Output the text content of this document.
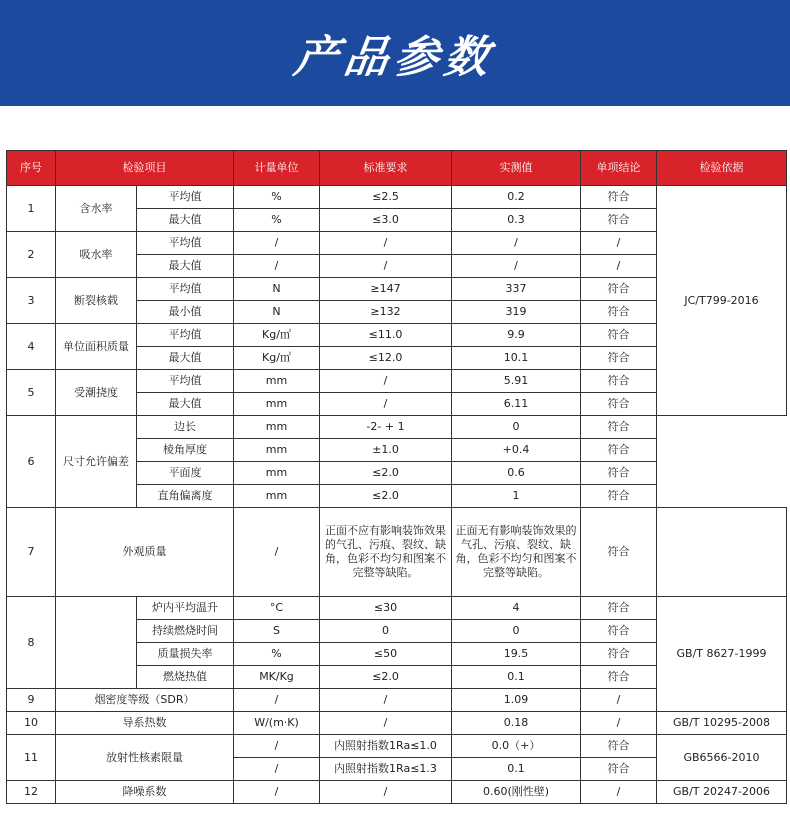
产品参数
序号	检验项目		计量单位	标准要求	实测值	单项结论	检验依据
1	含水率	平均值	%	≤2.5	0.2	符合	JC/T799-2016
		最大值	%	≤3.0	0.3	符合	
2	吸水率	平均值	/	/	/	/	
		最大值	/	/	/	/	
3	断裂核载	平均值	N	≥147	337	符合	
		最小值	N	≥132	319	符合	
4	单位面积质量	平均值	Kg/㎡	≤11.0	9.9	符合	
		最大值	Kg/㎡	≤12.0	10.1	符合	
5	受潮挠度	平均值	mm	/	5.91	符合	
		最大值	mm	/	6.11	符合	
6	尺寸允许偏差	边长	mm	-2- + 1	0	符合	
		棱角厚度	mm	±1.0	+0.4	符合	
		平面度	mm	≤2.0	0.6	符合	
		直角偏离度	mm	≤2.0	1	符合	
7	外观质量		/	正面不应有影响装饰效果的气孔、污痕、裂纹、缺角，色彩不均匀和图案不完整等缺陷。	正面无有影响装饰效果的气孔、污痕、裂纹、缺角，色彩不均匀和图案不完整等缺陷。	符合	
8		炉内平均温升	°C	≤30	4	符合	GB/T 8627-1999
		持续燃烧时间	S	0	0	符合	
		质量损失率	%	≤50	19.5	符合	
		燃烧热值	MK/Kg	≤2.0	0.1	符合	
9	烟密度等级（SDR）		/	/	1.09	/	
10	导系热数		W/(m·K)	/	0.18	/	GB/T 10295-2008
11	放射性核素限量		/	内照射指数1Ra≤1.0	0.0（+）	符合	GB6566-2010
			/	内照射指数1Ra≤1.3	0.1	符合	
12	降噪系数		/	/	0.60(刚性壁)	/	GB/T 20247-2006
